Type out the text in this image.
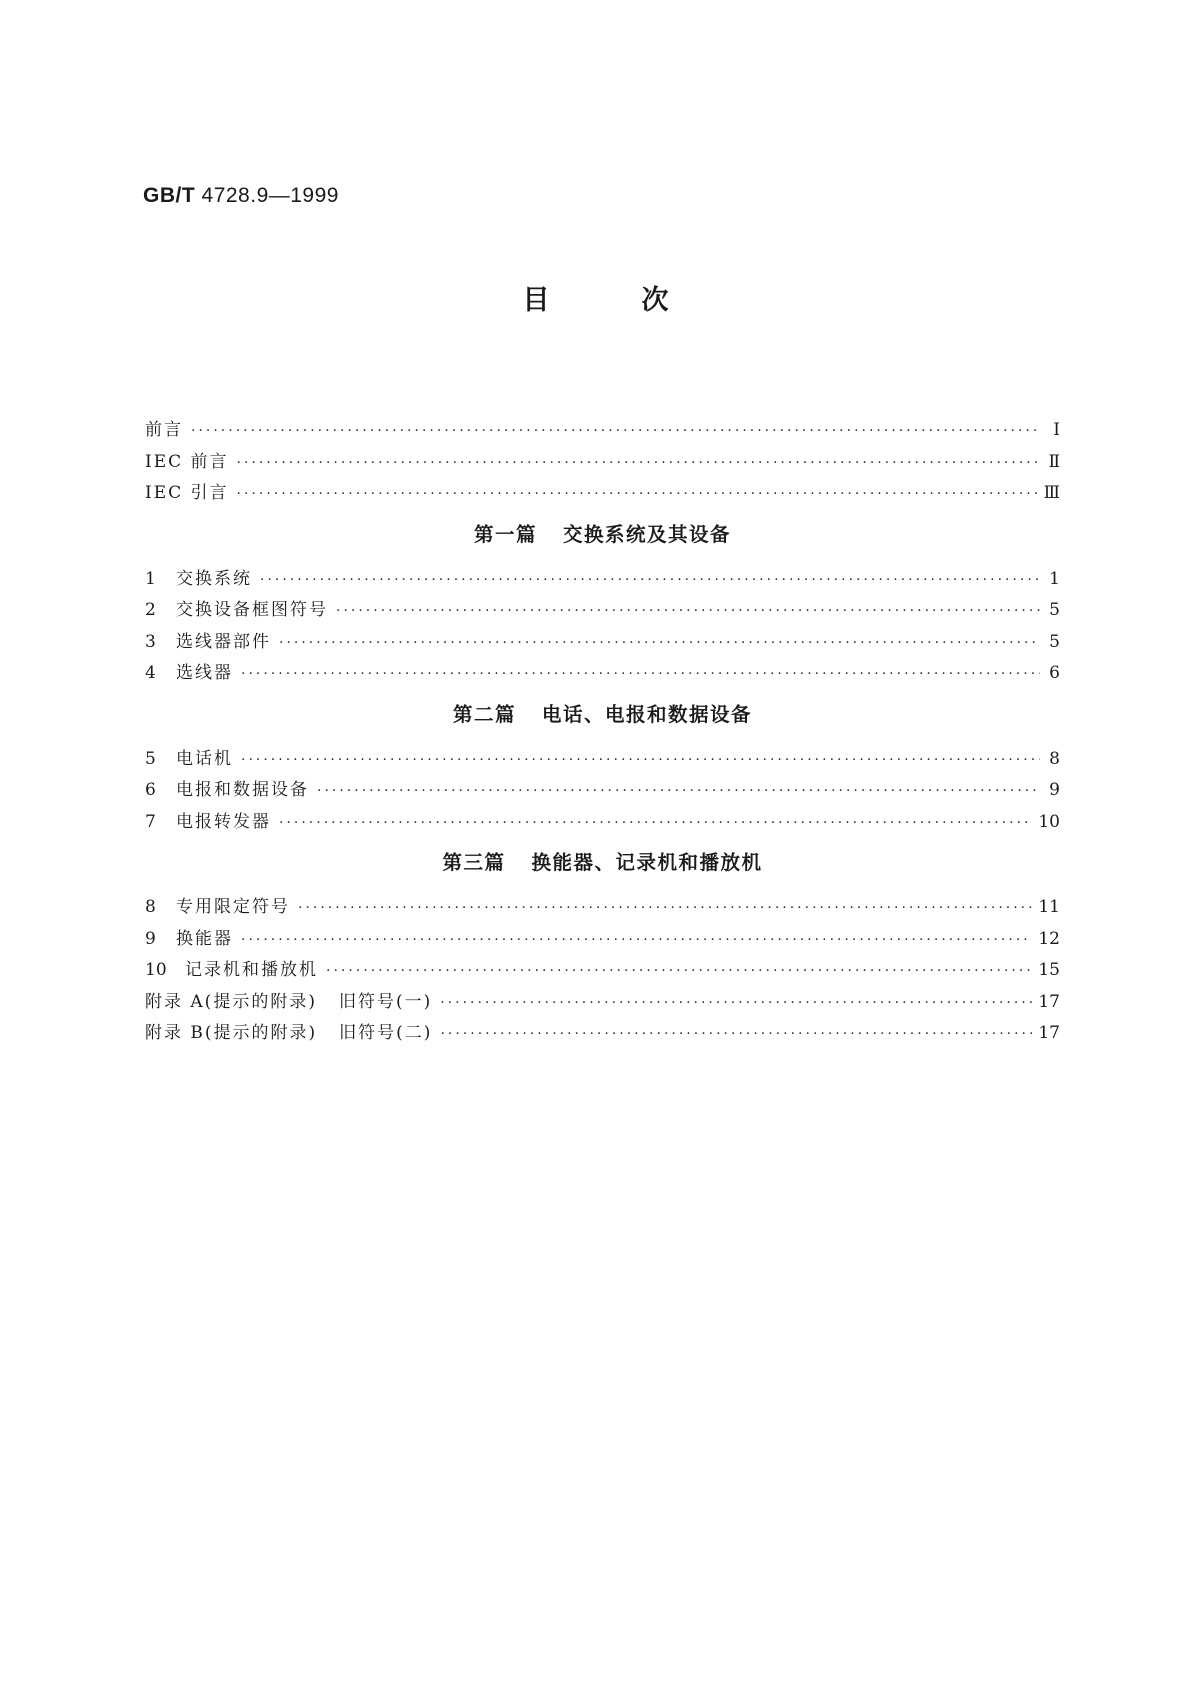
GB/T 4728.9—1999
目	次
前言 ·····	I
IEC 前言 ·····	Ⅱ
IEC 引言 ·····	Ⅲ
第一篇 交换系统及其设备
1	交换系统 ·····	1
2	交换设备框图符号 ·····	5
3	选线器部件 ·····	5
4	选线器 ·····	6
第二篇 电话、电报和数据设备
5	电话机 ·····	8
6	电报和数据设备 ·····	9
7	电报转发器 ·····	10
第三篇 换能器、记录机和播放机
8	专用限定符号 ·····	11
9	换能器 ·····	12
10	记录机和播放机 ·····	15
附录 A(提示的附录) 旧符号(一) ·····	17
附录 B(提示的附录) 旧符号(二) ·····	17
